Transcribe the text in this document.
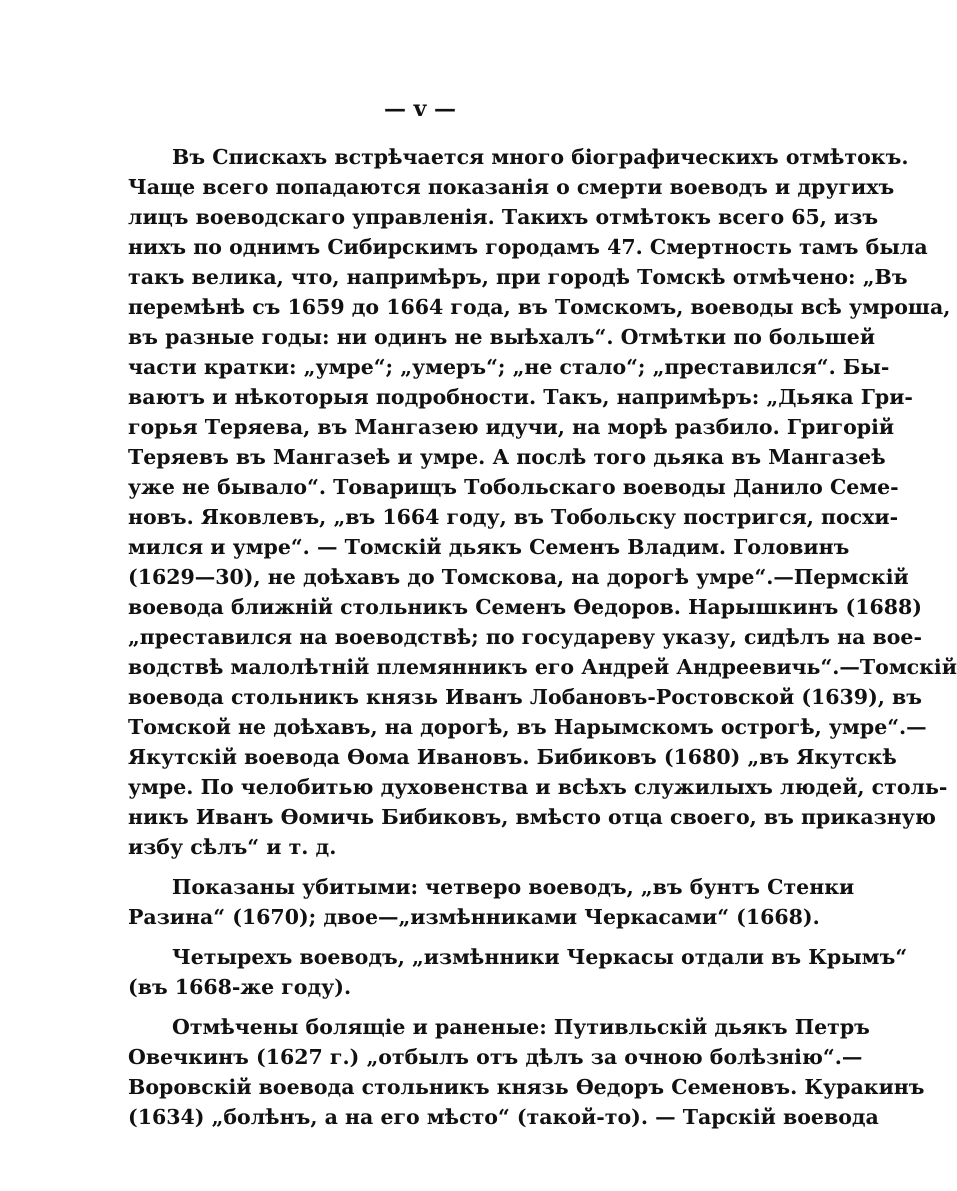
— v —
Въ Спискахъ встрѣчается много біографическихъ отмѣтокъ.
Чаще всего попадаются показанія о смерти воеводъ и другихъ
лицъ воеводскаго управленія. Такихъ отмѣтокъ всего 65, изъ
нихъ по однимъ Сибирскимъ городамъ 47. Смертность тамъ была
такъ велика, что, напримѣръ, при городѣ Томскѣ отмѣчено: „Въ
перемѣнѣ съ 1659 до 1664 года, въ Томскомъ, воеводы всѣ умроша,
въ разные годы: ни одинъ не выѣхалъ“. Отмѣтки по большей
части кратки: „умре“; „умеръ“; „не стало“; „преставился“. Бы-
ваютъ и нѣкоторыя подробности. Такъ, напримѣръ: „Дьяка Гри-
горья Теряева, въ Мангазею идучи, на морѣ разбило. Григорій
Теряевъ въ Мангазеѣ и умре. А послѣ того дьяка въ Мангазеѣ
уже не бывало“. Товарищъ Тобольскаго воеводы Данило Семе-
новъ. Яковлевъ, „въ 1664 году, въ Тобольску постригся, посхи-
мился и умре“. — Томскій дьякъ Семенъ Владим. Головинъ
(1629—30), не доѣхавъ до Томскова, на дорогѣ умре“.—Пермскій
воевода ближній стольникъ Семенъ Ѳедоров. Нарышкинъ (1688)
„преставился на воеводствѣ; по государеву указу, сидѣлъ на вое-
водствѣ малолѣтній племянникъ его Андрей Андреевичь“.—Томскій
воевода стольникъ князь Иванъ Лобановъ-Ростовской (1639), въ
Томской не доѣхавъ, на дорогѣ, въ Нарымскомъ острогѣ, умре“.—
Якутскій воевода Ѳома Ивановъ. Бибиковъ (1680) „въ Якутскѣ
умре. По челобитью духовенства и всѣхъ служилыхъ людей, столь-
никъ Иванъ Ѳомичь Бибиковъ, вмѣсто отца своего, въ приказную
избу сѣлъ“ и т. д.
Показаны убитыми: четверо воеводъ, „въ бунтъ Стенки
Разина“ (1670); двое—„измѣнниками Черкасами“ (1668).
Четырехъ воеводъ, „измѣнники Черкасы отдали въ Крымъ“
(въ 1668-же году).
Отмѣчены болящіе и раненые: Путивльскій дьякъ Петръ
Овечкинъ (1627 г.) „отбылъ отъ дѣлъ за очною болѣзнію“.—
Воровскій воевода стольникъ князь Ѳедоръ Семеновъ. Куракинъ
(1634) „болѣнъ, а на его мѣсто“ (такой-то). — Тарскій воевода
